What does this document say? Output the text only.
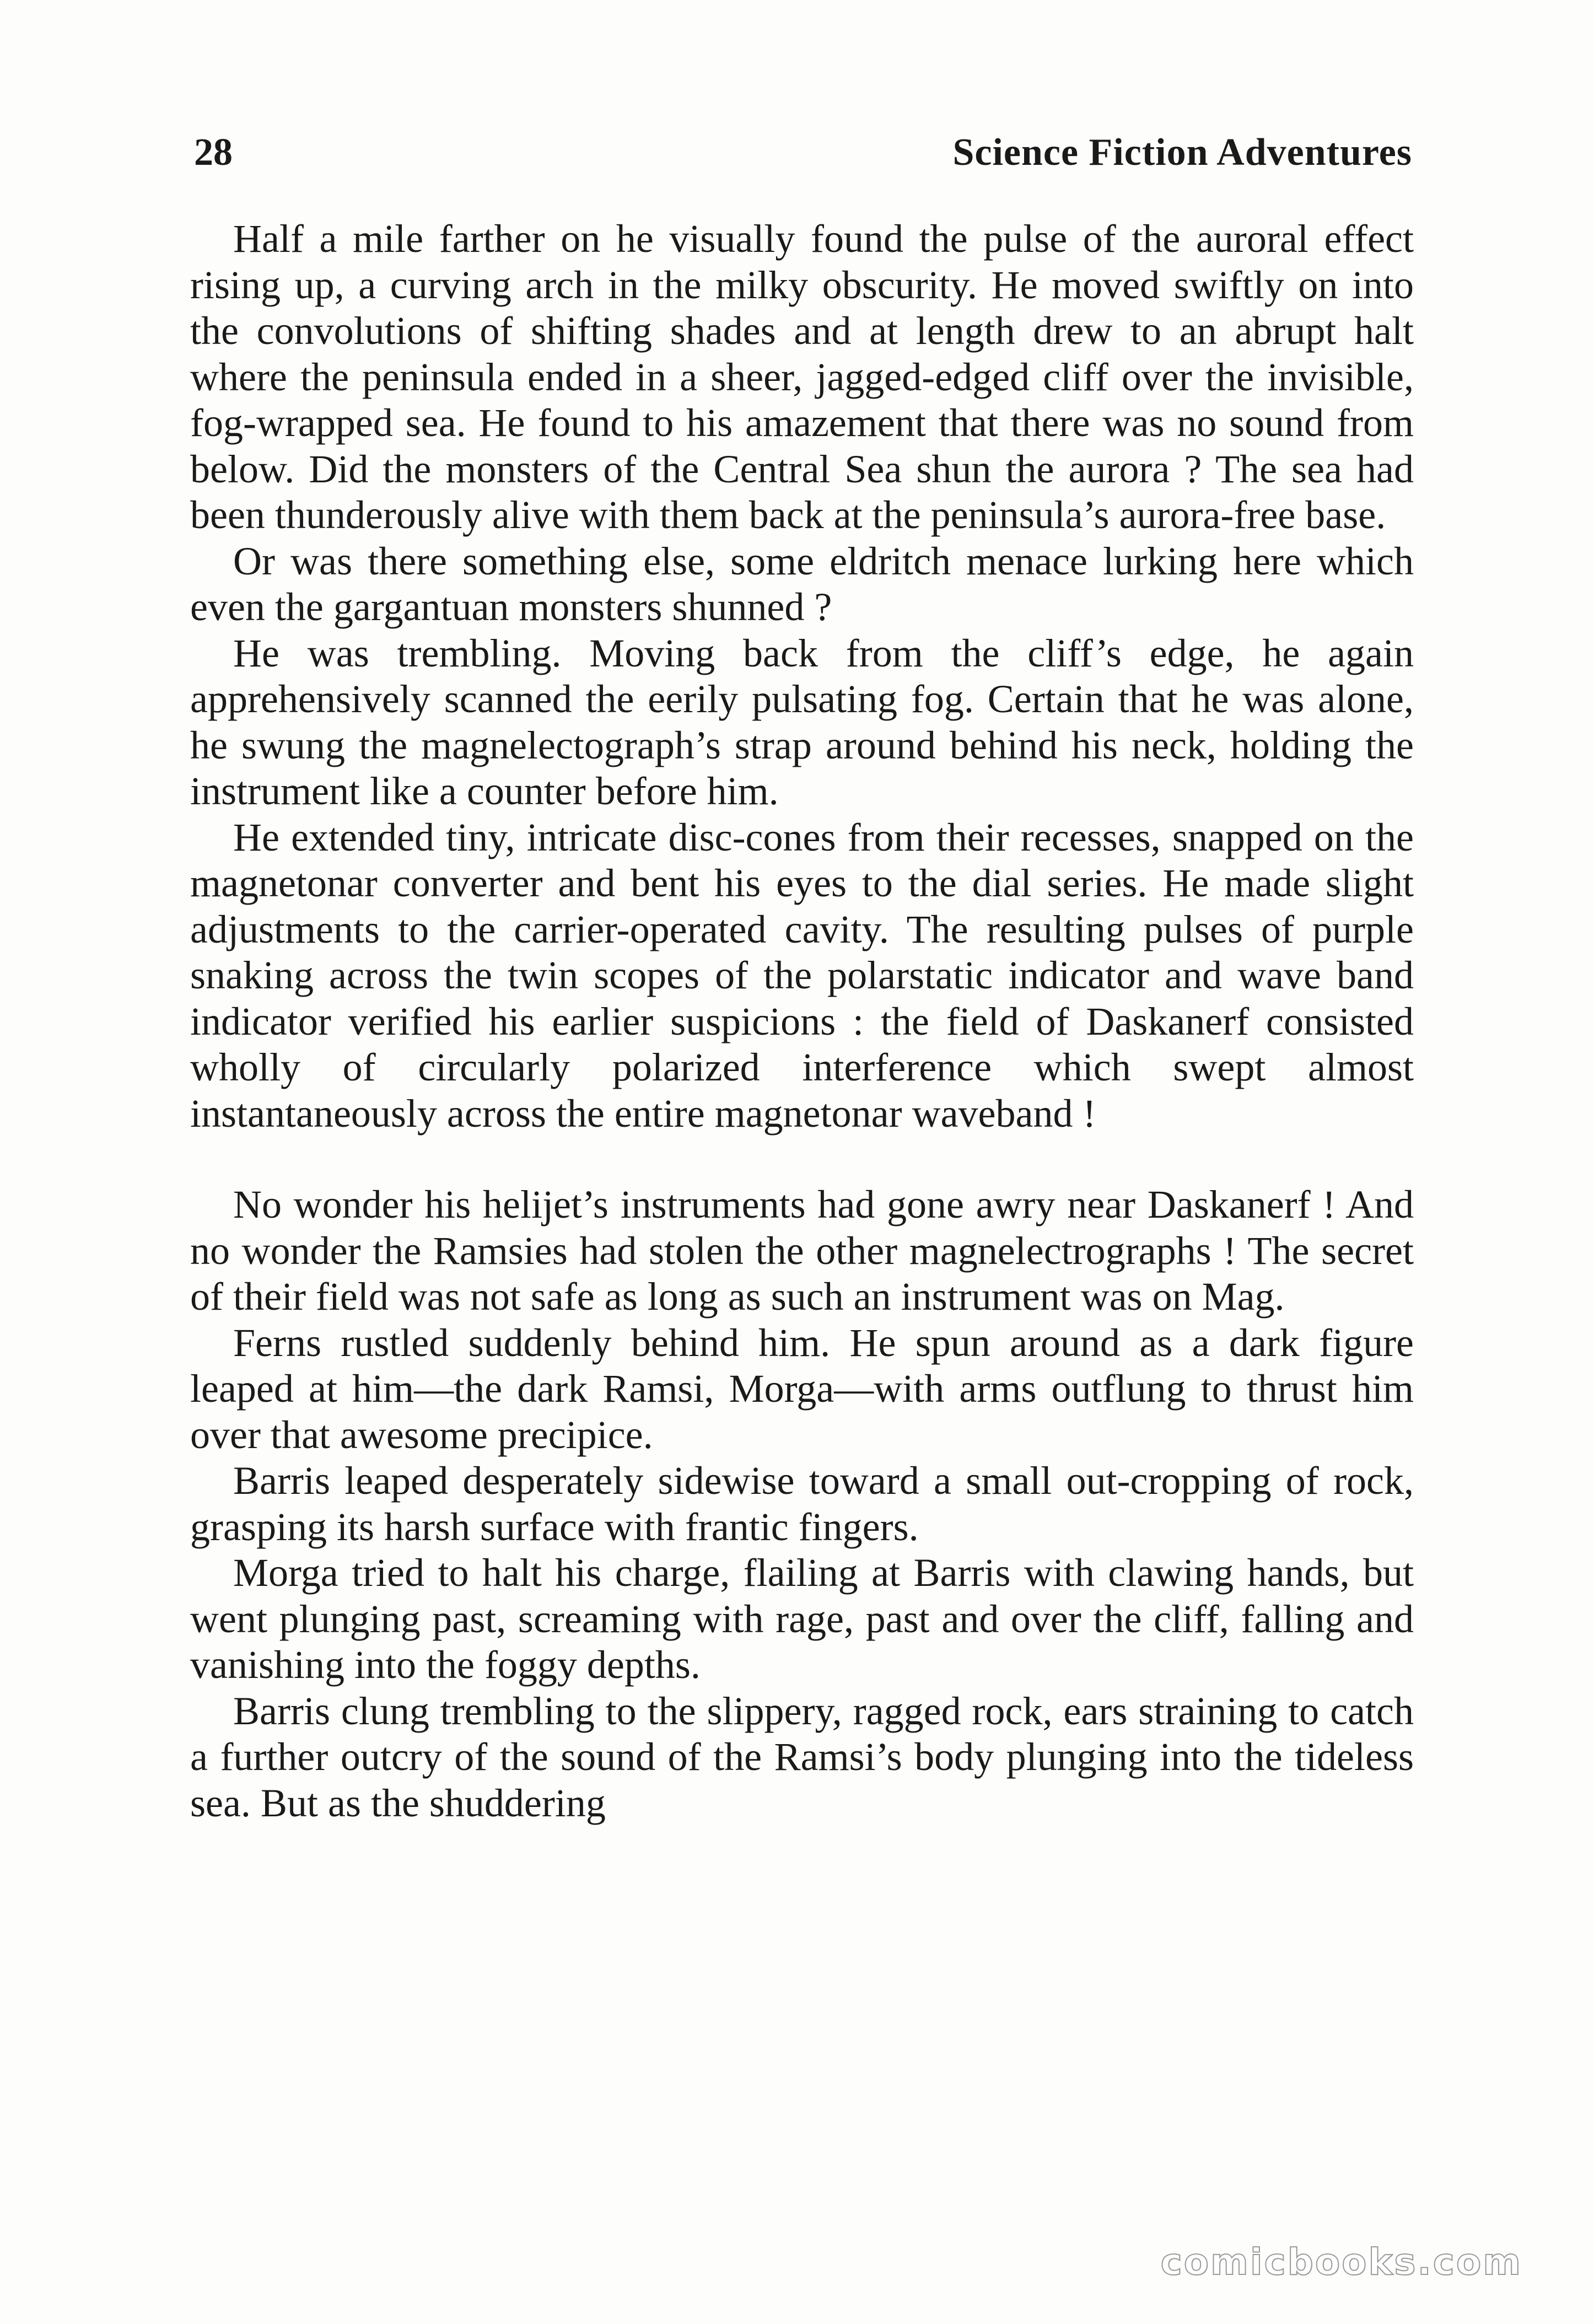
28	Science Fiction Adventures

Half a mile farther on he visually found the pulse of the auroral effect rising up, a curving arch in the milky obscurity. He moved swiftly on into the convolutions of shifting shades and at length drew to an abrupt halt where the peninsula ended in a sheer, jagged-edged cliff over the invisible, fog-wrapped sea. He found to his amazement that there was no sound from below. Did the monsters of the Central Sea shun the aurora ? The sea had been thunderously alive with them back at the peninsula’s aurora-free base.

Or was there something else, some eldritch menace lurking here which even the gargantuan monsters shunned ?

He was trembling. Moving back from the cliff’s edge, he again apprehensively scanned the eerily pulsating fog. Certain that he was alone, he swung the magnelectograph’s strap around behind his neck, holding the instrument like a counter before him.

He extended tiny, intricate disc-cones from their recesses, snapped on the magnetonar converter and bent his eyes to the dial series. He made slight adjustments to the carrier-operated cavity. The resulting pulses of purple snaking across the twin scopes of the polarstatic indicator and wave band indicator verified his earlier suspicions : the field of Daskanerf consisted wholly of circularly polarized interference which swept almost instantaneously across the entire magnetonar waveband !

No wonder his helijet’s instruments had gone awry near Daskanerf ! And no wonder the Ramsies had stolen the other magnelectrographs ! The secret of their field was not safe as long as such an instrument was on Mag.

Ferns rustled suddenly behind him. He spun around as a dark figure leaped at him—the dark Ramsi, Morga—with arms outflung to thrust him over that awesome precipice.

Barris leaped desperately sidewise toward a small out-cropping of rock, grasping its harsh surface with frantic fingers.

Morga tried to halt his charge, flailing at Barris with clawing hands, but went plunging past, screaming with rage, past and over the cliff, falling and vanishing into the foggy depths.

Barris clung trembling to the slippery, ragged rock, ears straining to catch a further outcry of the sound of the Ramsi’s body plunging into the tideless sea. But as the shuddering

comicbooks.com
